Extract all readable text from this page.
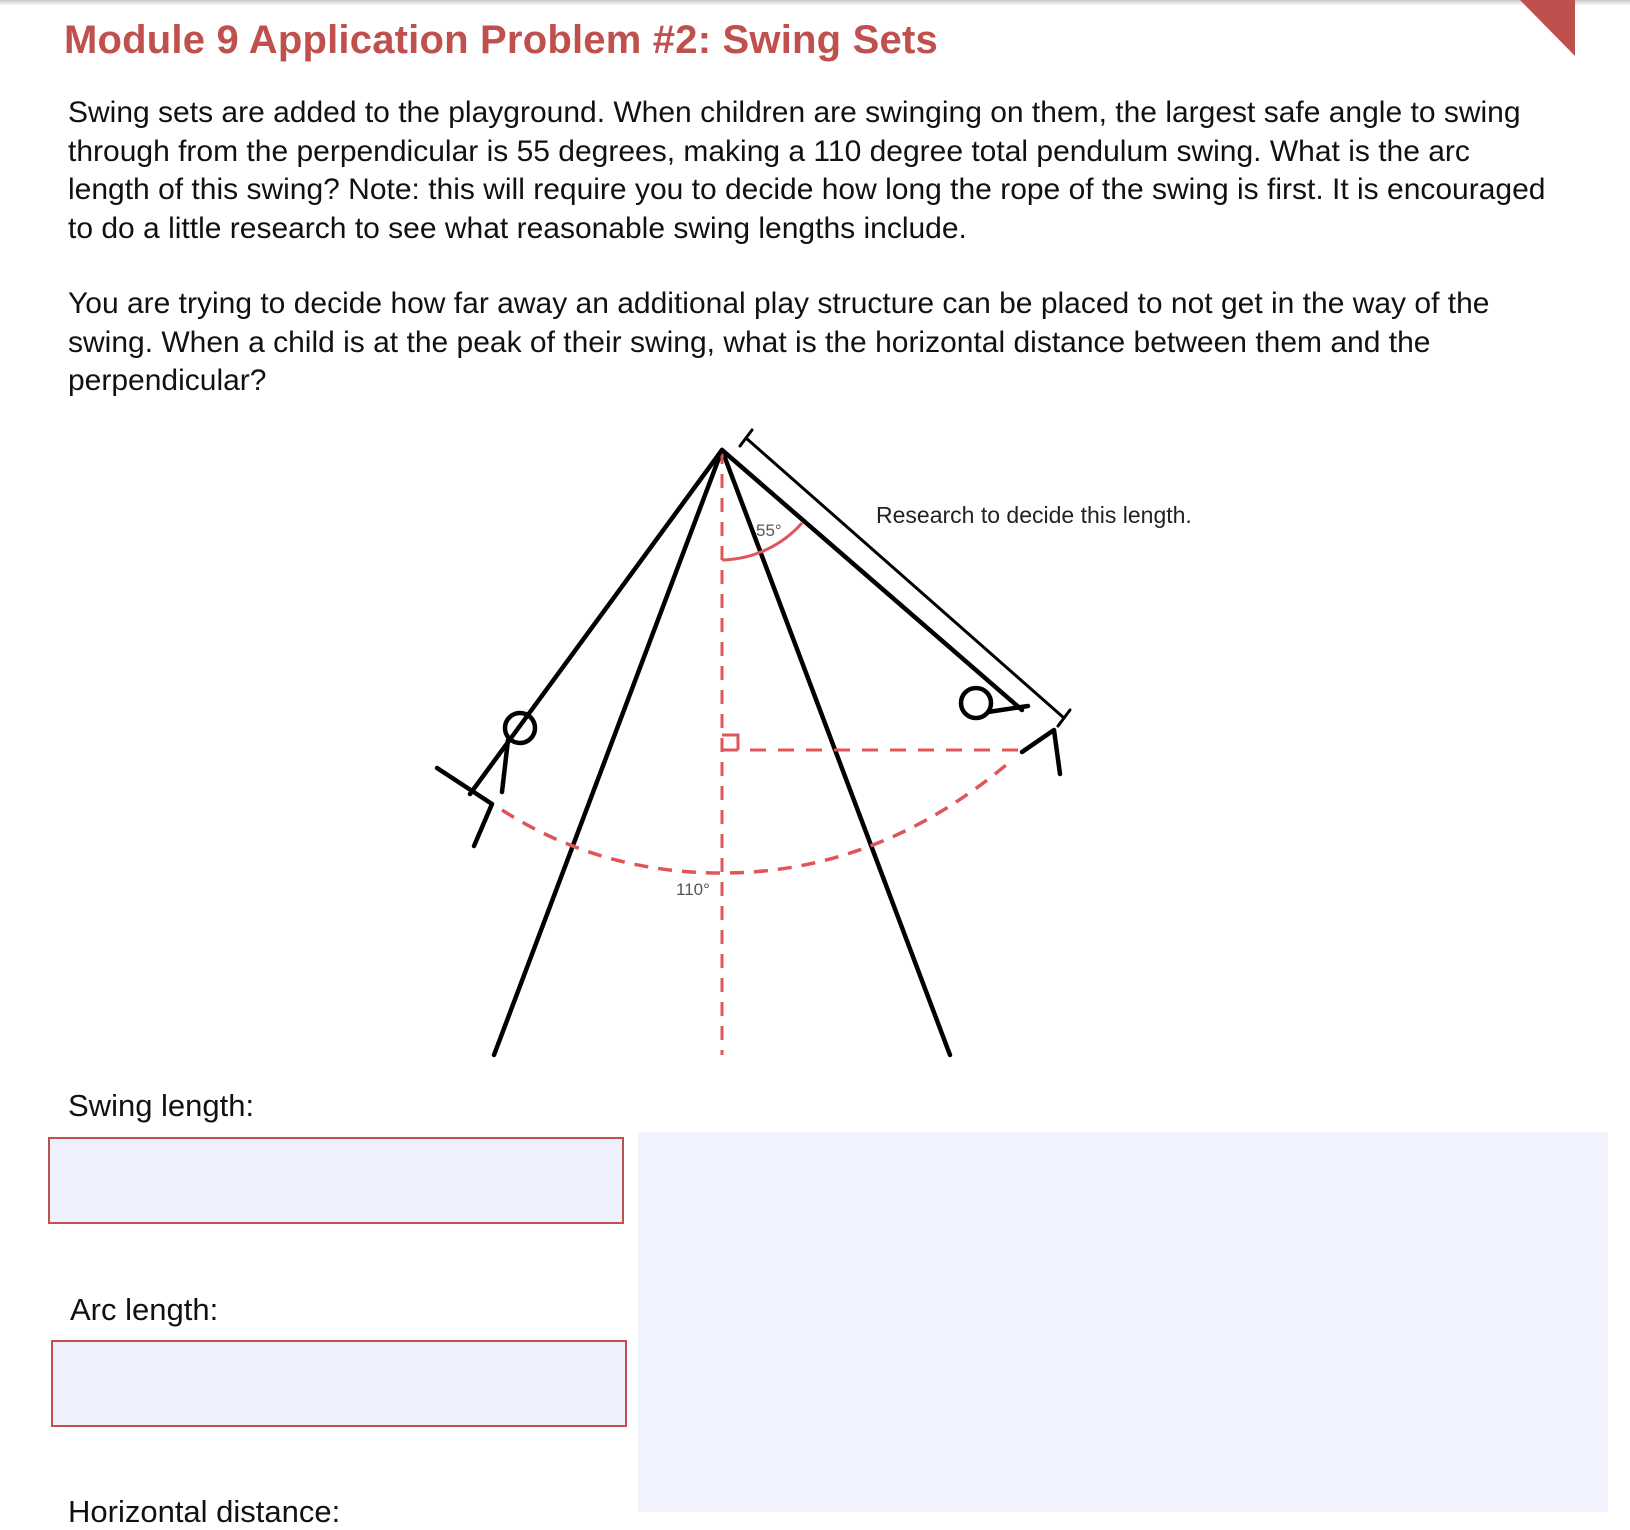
Module 9 Application Problem #2: Swing Sets

Swing sets are added to the playground. When children are swinging on them, the largest safe angle to swing through from the perpendicular is 55 degrees, making a 110 degree total pendulum swing. What is the arc length of this swing? Note: this will require you to decide how long the rope of the swing is first. It is encouraged to do a little research to see what reasonable swing lengths include.

You are trying to decide how far away an additional play structure can be placed to not get in the way of the swing. When a child is at the peak of their swing, what is the horizontal distance between them and the perpendicular?

55°
110°
Research to decide this length.
Swing length:
Arc length:
Horizontal distance:
